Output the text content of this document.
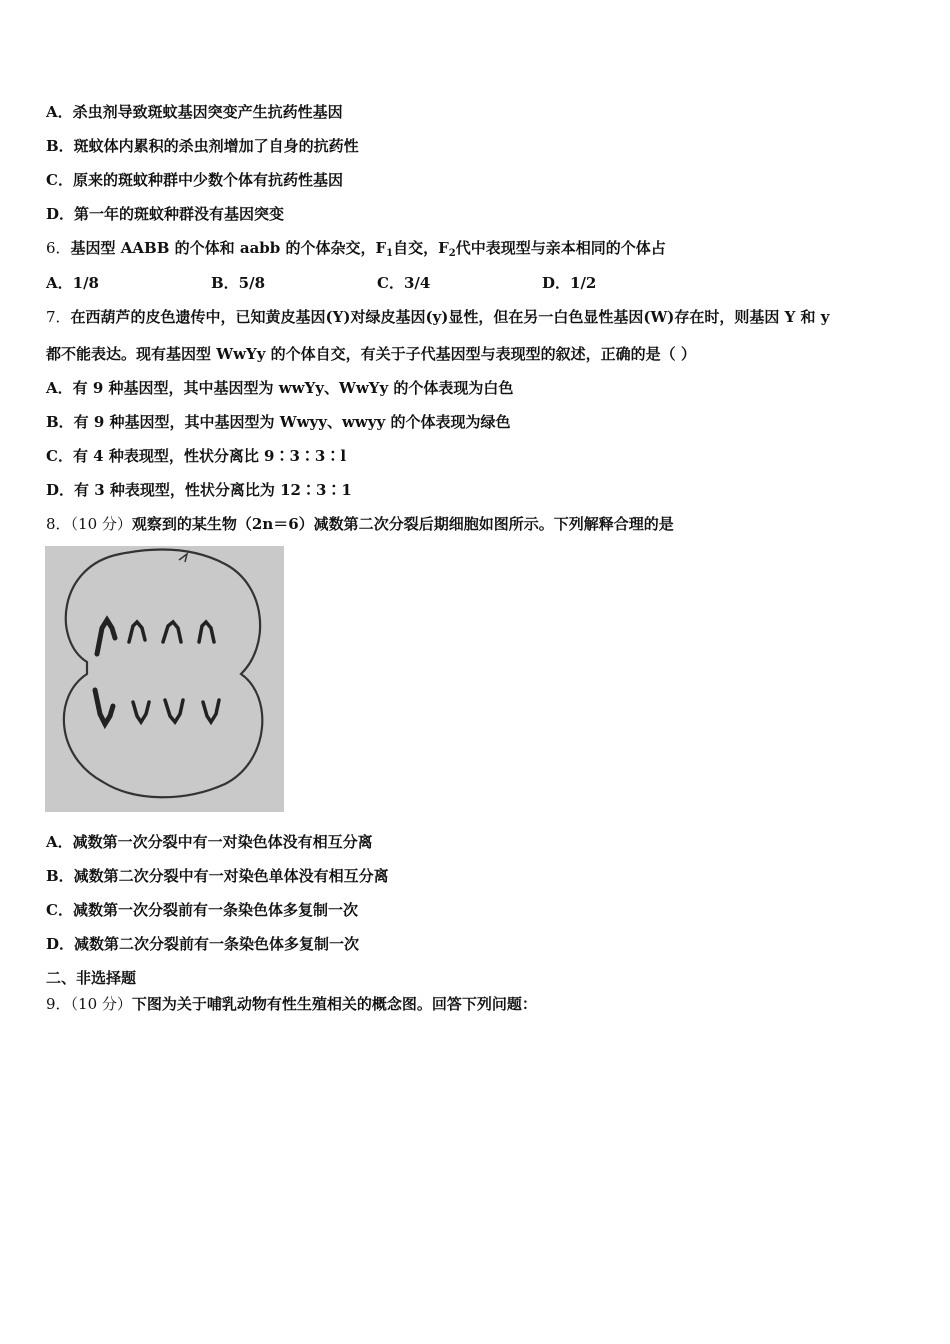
A．杀虫剂导致斑蚊基因突变产生抗药性基因
B．斑蚊体内累积的杀虫剂增加了自身的抗药性
C．原来的斑蚊种群中少数个体有抗药性基因
D．第一年的斑蚊种群没有基因突变
6．基因型 AABB 的个体和 aabb 的个体杂交，$F_1$自交，$F_2$代中表现型与亲本相同的个体占
A．1/8	B．5/8	C．3/4	D．1/2
7．在西葫芦的皮色遗传中，已知黄皮基因(Y)对绿皮基因(y)显性，但在另一白色显性基因(W)存在时，则基因 Y 和 y
都不能表达。现有基因型 WwYy 的个体自交，有关于子代基因型与表现型的叙述，正确的是（ ）
A．有 9 种基因型，其中基因型为 wwYy、WwYy 的个体表现为白色
B．有 9 种基因型，其中基因型为 Wwyy、wwyy 的个体表现为绿色
C．有 4 种表现型，性状分离比 9∶3∶3∶l
D．有 3 种表现型，性状分离比为 12∶3∶1
8．（10 分）观察到的某生物（2n＝6）减数第二次分裂后期细胞如图所示。下列解释合理的是
A．减数第一次分裂中有一对染色体没有相互分离
B．减数第二次分裂中有一对染色单体没有相互分离
C．减数第一次分裂前有一条染色体多复制一次
D．减数第二次分裂前有一条染色体多复制一次
二、非选择题
9．（10 分）下图为关于哺乳动物有性生殖相关的概念图。回答下列问题：
